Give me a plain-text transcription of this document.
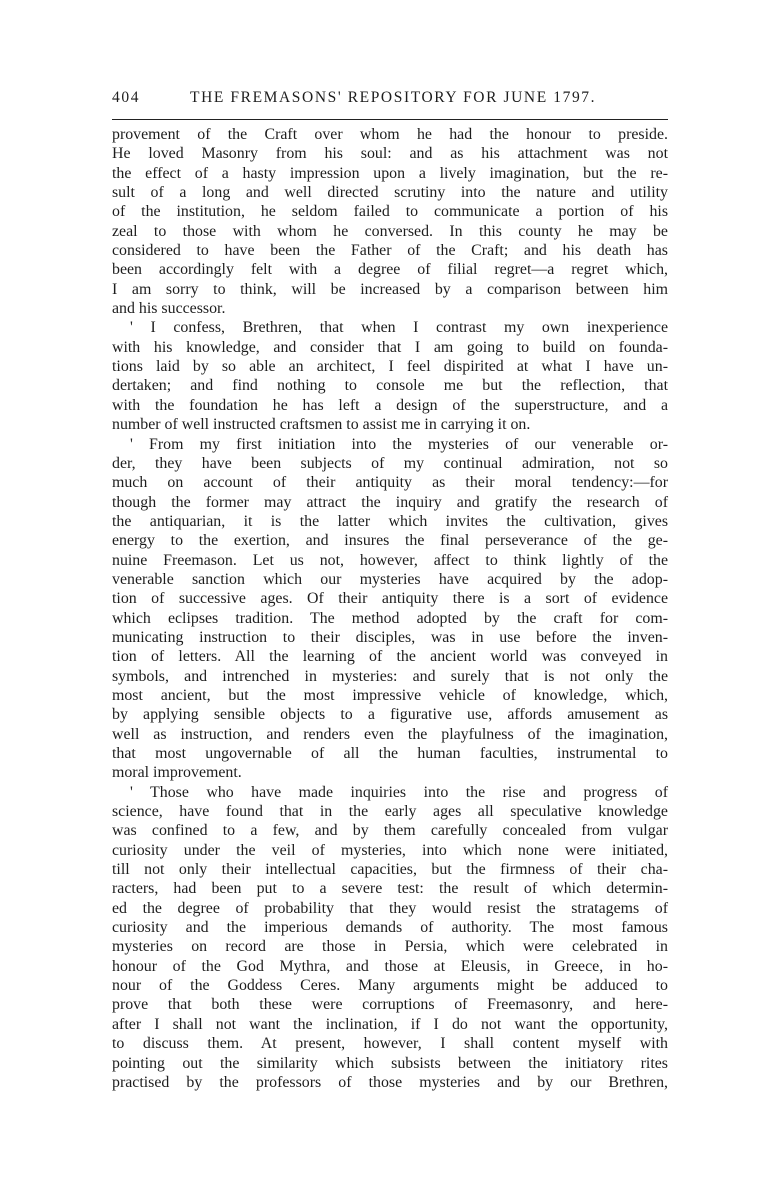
404	THE FREMASONS' REPOSITORY FOR JUNE 1797.
provement of the Craft over whom he had the honour to preside.
He loved Masonry from his soul: and as his attachment was not
the effect of a hasty impression upon a lively imagination, but the re-
sult of a long and well directed scrutiny into the nature and utility
of the institution, he seldom failed to communicate a portion of his
zeal to those with whom he conversed. In this county he may be
considered to have been the Father of the Craft; and his death has
been accordingly felt with a degree of filial regret—a regret which,
I am sorry to think, will be increased by a comparison between him
and his successor.
' I confess, Brethren, that when I contrast my own inexperience
with his knowledge, and consider that I am going to build on founda-
tions laid by so able an architect, I feel dispirited at what I have un-
dertaken; and find nothing to console me but the reflection, that
with the foundation he has left a design of the superstructure, and a
number of well instructed craftsmen to assist me in carrying it on.
' From my first initiation into the mysteries of our venerable or-
der, they have been subjects of my continual admiration, not so
much on account of their antiquity as their moral tendency:—for
though the former may attract the inquiry and gratify the research of
the antiquarian, it is the latter which invites the cultivation, gives
energy to the exertion, and insures the final perseverance of the ge-
nuine Freemason. Let us not, however, affect to think lightly of the
venerable sanction which our mysteries have acquired by the adop-
tion of successive ages. Of their antiquity there is a sort of evidence
which eclipses tradition. The method adopted by the craft for com-
municating instruction to their disciples, was in use before the inven-
tion of letters. All the learning of the ancient world was conveyed in
symbols, and intrenched in mysteries: and surely that is not only the
most ancient, but the most impressive vehicle of knowledge, which,
by applying sensible objects to a figurative use, affords amusement as
well as instruction, and renders even the playfulness of the imagination,
that most ungovernable of all the human faculties, instrumental to
moral improvement.
' Those who have made inquiries into the rise and progress of
science, have found that in the early ages all speculative knowledge
was confined to a few, and by them carefully concealed from vulgar
curiosity under the veil of mysteries, into which none were initiated,
till not only their intellectual capacities, but the firmness of their cha-
racters, had been put to a severe test: the result of which determin-
ed the degree of probability that they would resist the stratagems of
curiosity and the imperious demands of authority. The most famous
mysteries on record are those in Persia, which were celebrated in
honour of the God Mythra, and those at Eleusis, in Greece, in ho-
nour of the Goddess Ceres. Many arguments might be adduced to
prove that both these were corruptions of Freemasonry, and here-
after I shall not want the inclination, if I do not want the opportunity,
to discuss them. At present, however, I shall content myself with
pointing out the similarity which subsists between the initiatory rites
practised by the professors of those mysteries and by our Brethren,
